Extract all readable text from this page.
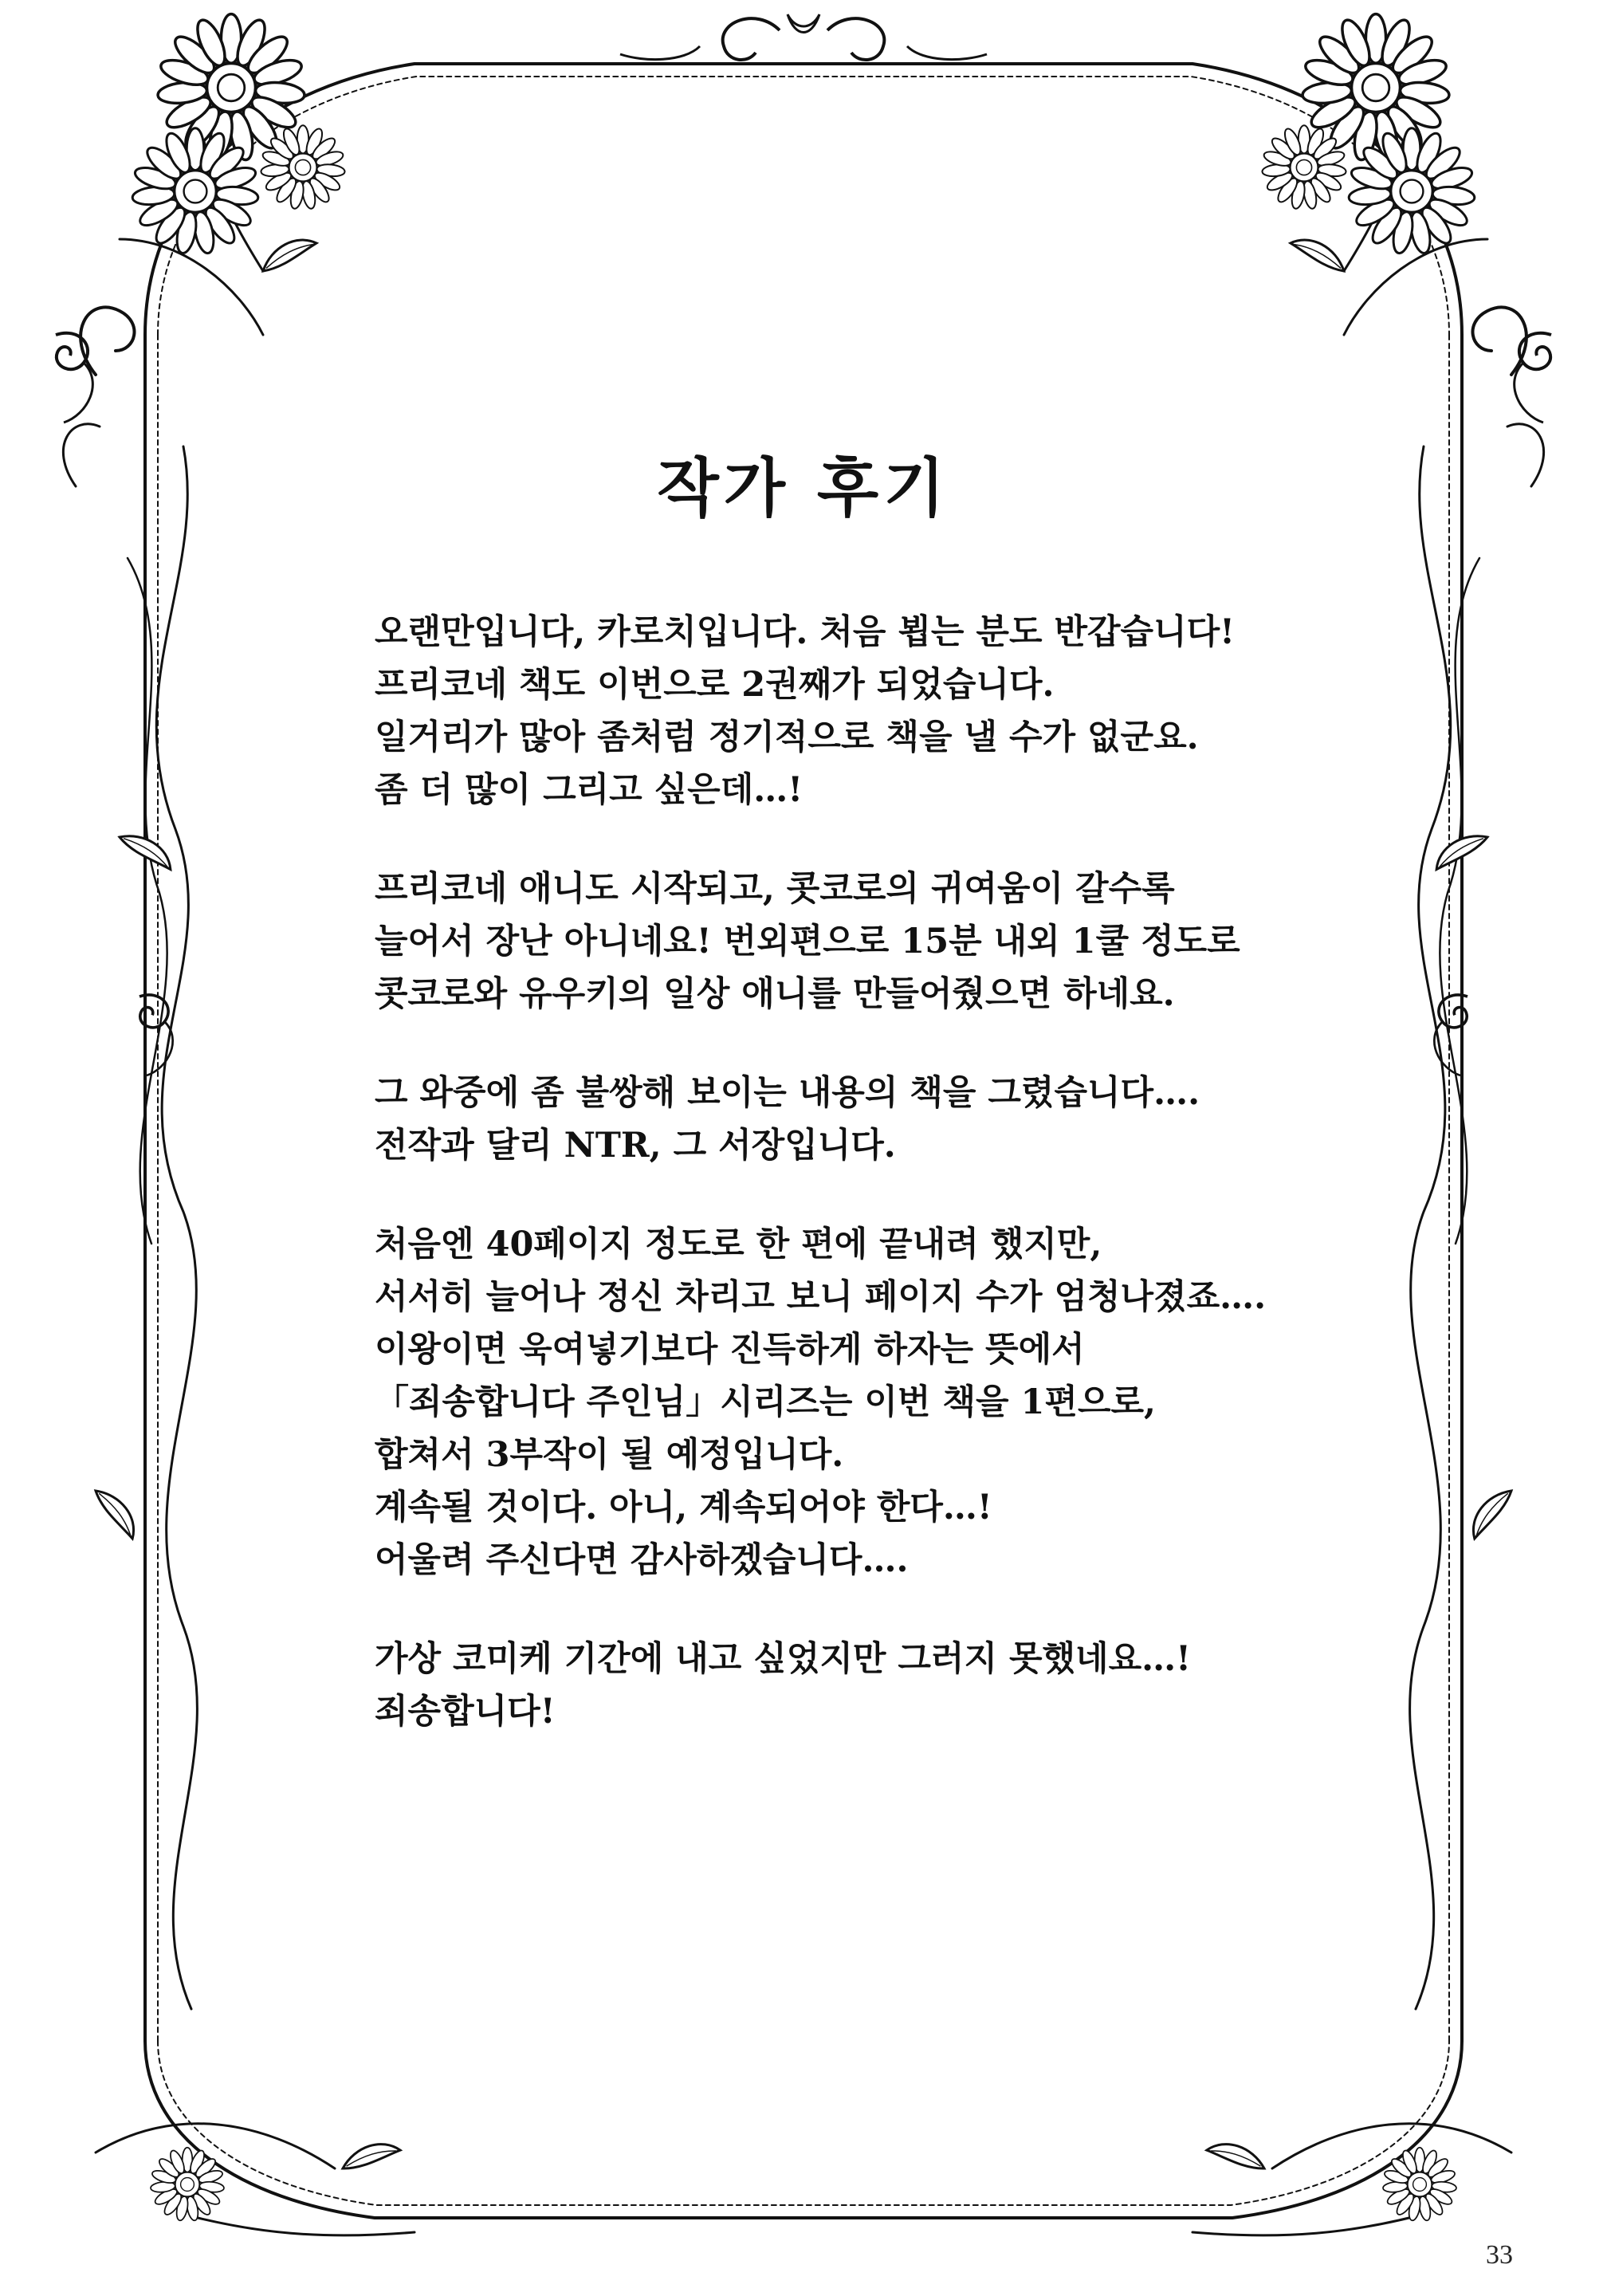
작가 후기

오랜만입니다, 카로치입니다. 처음 뵙는 분도 반갑습니다!
프리코네 책도 이번으로 2권째가 되었습니다.
일거리가 많아 좀처럼 정기적으로 책을 낼 수가 없군요.
좀 더 많이 그리고 싶은데…!

프리코네 애니도 시작되고, 콧코로의 귀여움이 갈수록
늘어서 장난 아니네요! 번외편으로 15분 내외 1쿨 정도로
콧코로와 유우키의 일상 애니를 만들어줬으면 하네요.

그 와중에 좀 불쌍해 보이는 내용의 책을 그렸습니다….
전작과 달리 NTR, 그 서장입니다.

처음엔 40페이지 정도로 한 편에 끝내려 했지만,
서서히 늘어나 정신 차리고 보니 페이지 수가 엄청나졌죠….
이왕이면 욱여넣기보다 진득하게 하자는 뜻에서
「죄송합니다 주인님」시리즈는 이번 책을 1편으로,
합쳐서 3부작이 될 예정입니다.
계속될 것이다. 아니, 계속되어야 한다…!
어울려 주신다면 감사하겠습니다….

가상 코미케 기간에 내고 싶었지만 그러지 못했네요…!
죄송합니다!

33
